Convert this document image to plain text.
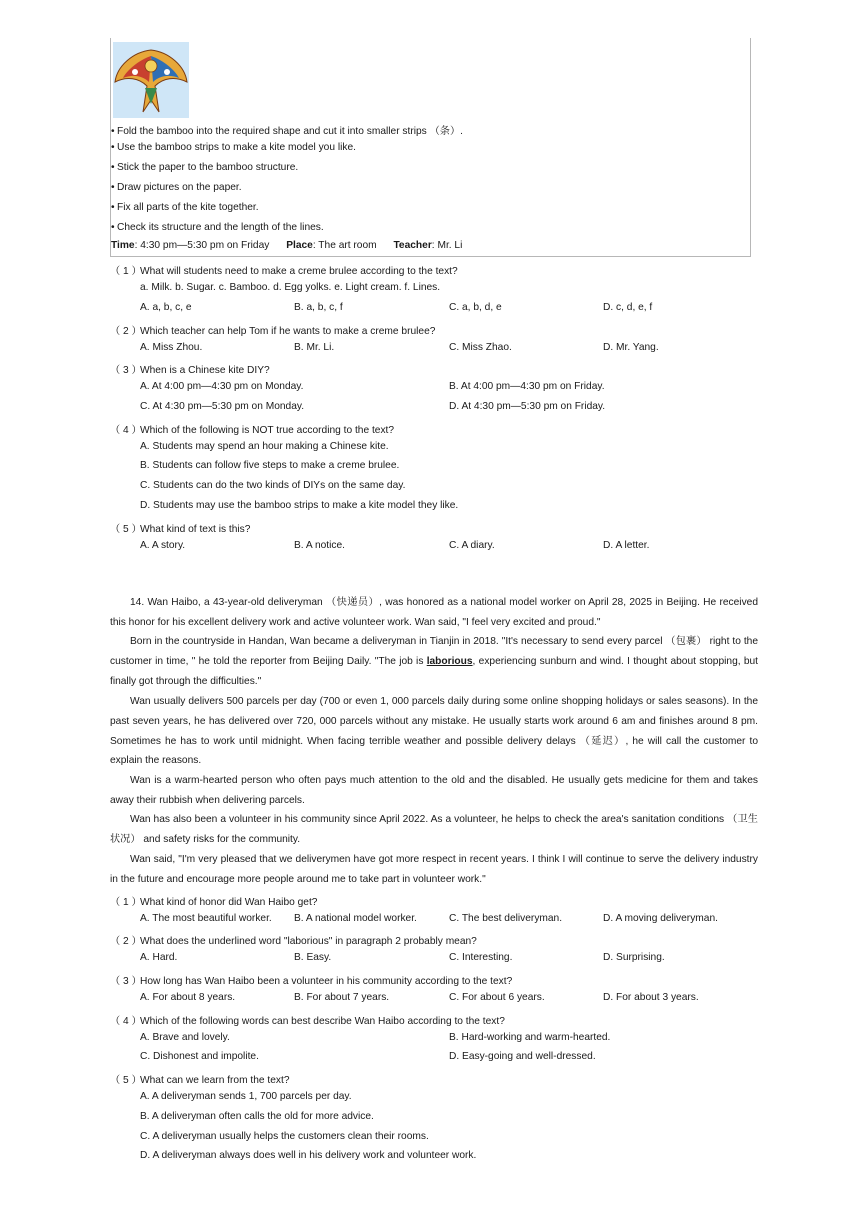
• Fold the bamboo into the required shape and cut it into smaller strips （条）.
• Use the bamboo strips to make a kite model you like.
• Stick the paper to the bamboo structure.
• Draw pictures on the paper.
• Fix all parts of the kite together.
• Check its structure and the length of the lines.
Time: 4:30 pm—5:30 pm on Friday Place: The art room Teacher: Mr. Li
（ 1 ）What will students need to make a creme brulee according to the text?
a. Milk. b. Sugar. c. Bamboo. d. Egg yolks. e. Light cream. f. Lines.
A. a, b, c, e	B. a, b, c, f	C. a, b, d, e	D. c, d, e, f
（ 2 ）Which teacher can help Tom if he wants to make a creme brulee?
A. Miss Zhou.	B. Mr. Li.	C. Miss Zhao.	D. Mr. Yang.
（ 3 ）When is a Chinese kite DIY?
A. At 4:00 pm—4:30 pm on Monday.	B. At 4:00 pm—4:30 pm on Friday.
C. At 4:30 pm—5:30 pm on Monday.	D. At 4:30 pm—5:30 pm on Friday.
（ 4 ）Which of the following is NOT true according to the text?
A. Students may spend an hour making a Chinese kite.
B. Students can follow five steps to make a creme brulee.
C. Students can do the two kinds of DIYs on the same day.
D. Students may use the bamboo strips to make a kite model they like.
（ 5 ）What kind of text is this?
A. A story.	B. A notice.	C. A diary.	D. A letter.
14. Wan Haibo, a 43-year-old deliveryman （快递员）, was honored as a national model worker on April 28, 2025 in Beijing. He received this honor for his excellent delivery work and active volunteer work. Wan said, "I feel very excited and proud."
Born in the countryside in Handan, Wan became a deliveryman in Tianjin in 2018. "It's necessary to send every parcel （包裹） right to the customer in time, " he told the reporter from Beijing Daily. "The job is laborious, experiencing sunburn and wind. I thought about stopping, but finally got through the difficulties."
Wan usually delivers 500 parcels per day (700 or even 1, 000 parcels daily during some online shopping holidays or sales seasons). In the past seven years, he has delivered over 720, 000 parcels without any mistake. He usually starts work around 6 am and finishes around 8 pm. Sometimes he has to work until midnight. When facing terrible weather and possible delivery delays （延迟）, he will call the customer to explain the reasons.
Wan is a warm-hearted person who often pays much attention to the old and the disabled. He usually gets medicine for them and takes away their rubbish when delivering parcels.
Wan has also been a volunteer in his community since April 2022. As a volunteer, he helps to check the area's sanitation conditions （卫生状况） and safety risks for the community.
Wan said, "I'm very pleased that we deliverymen have got more respect in recent years. I think I will continue to serve the delivery industry in the future and encourage more people around me to take part in volunteer work."
（ 1 ）What kind of honor did Wan Haibo get?
A. The most beautiful worker. B. A national model worker.	C. The best deliveryman.	D. A moving deliveryman.
（ 2 ）What does the underlined word "laborious" in paragraph 2 probably mean?
A. Hard.	B. Easy.	C. Interesting.	D. Surprising.
（ 3 ）How long has Wan Haibo been a volunteer in his community according to the text?
A. For about 8 years.	B. For about 7 years.	C. For about 6 years.	D. For about 3 years.
（ 4 ）Which of the following words can best describe Wan Haibo according to the text?
A. Brave and lovely.	B. Hard-working and warm-hearted.
C. Dishonest and impolite.	D. Easy-going and well-dressed.
（ 5 ）What can we learn from the text?
A. A deliveryman sends 1, 700 parcels per day.
B. A deliveryman often calls the old for more advice.
C. A deliveryman usually helps the customers clean their rooms.
D. A deliveryman always does well in his delivery work and volunteer work.
